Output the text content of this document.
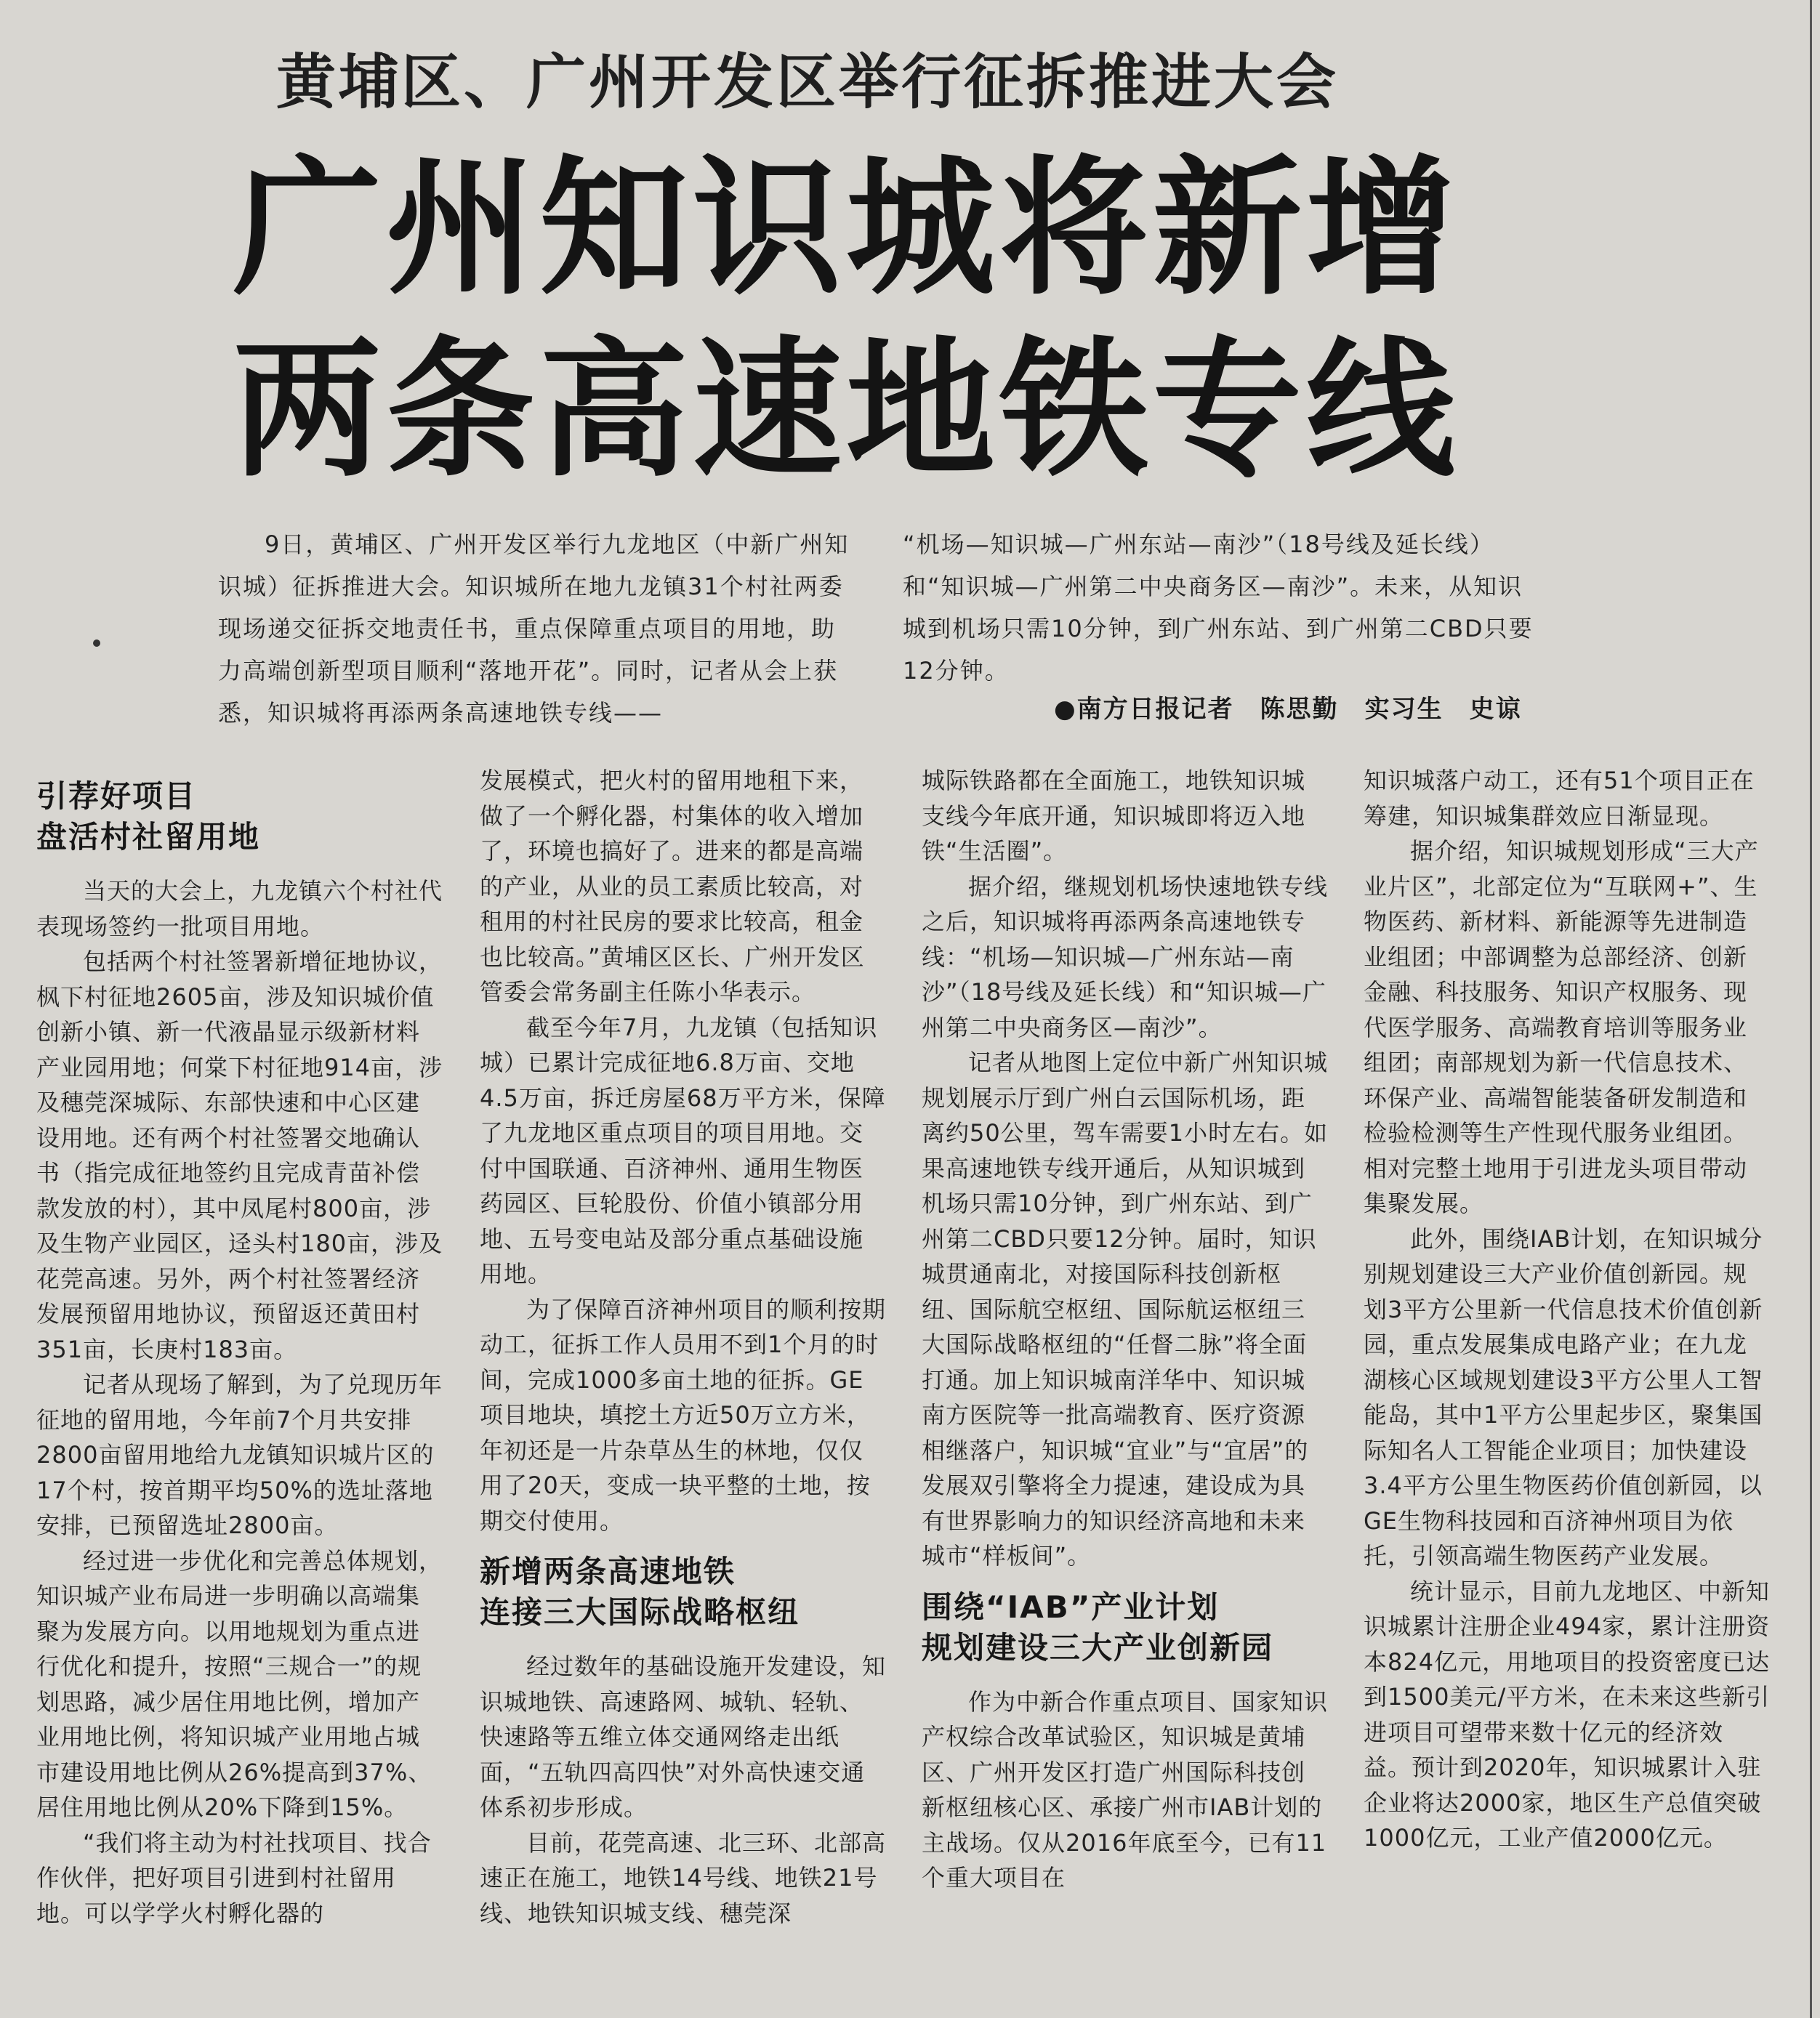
黄埔区、广州开发区举行征拆推进大会
广州知识城将新增
两条高速地铁专线

9日，黄埔区、广州开发区举行九龙地区（中新广州知识城）征拆推进大会。知识城所在地九龙镇31个村社两委现场递交征拆交地责任书，重点保障重点项目的用地，助力高端创新型项目顺利“落地开花”。同时，记者从会上获悉，知识城将再添两条高速地铁专线——

“机场—知识城—广州东站—南沙”（18号线及延长线）和“知识城—广州第二中央商务区—南沙”。未来，从知识城到机场只需10分钟，到广州东站、到广州第二CBD只要12分钟。

●南方日报记者　陈思勤　实习生　史谅
引荐好项目
盘活村社留用地

当天的大会上，九龙镇六个村社代表现场签约一批项目用地。

包括两个村社签署新增征地协议，枫下村征地2605亩，涉及知识城价值创新小镇、新一代液晶显示级新材料产业园用地；何棠下村征地914亩，涉及穗莞深城际、东部快速和中心区建设用地。还有两个村社签署交地确认书（指完成征地签约且完成青苗补偿款发放的村），其中凤尾村800亩，涉及生物产业园区，迳头村180亩，涉及花莞高速。另外，两个村社签署经济发展预留用地协议，预留返还黄田村351亩，长庚村183亩。

记者从现场了解到，为了兑现历年征地的留用地，今年前7个月共安排2800亩留用地给九龙镇知识城片区的17个村，按首期平均50%的选址落地安排，已预留选址2800亩。

经过进一步优化和完善总体规划，知识城产业布局进一步明确以高端集聚为发展方向。以用地规划为重点进行优化和提升，按照“三规合一”的规划思路，减少居住用地比例，增加产业用地比例，将知识城产业用地占城市建设用地比例从26%提高到37%、居住用地比例从20%下降到15%。

“我们将主动为村社找项目、找合作伙伴，把好项目引进到村社留用地。可以学学火村孵化器的

发展模式，把火村的留用地租下来，做了一个孵化器，村集体的收入增加了，环境也搞好了。进来的都是高端的产业，从业的员工素质比较高，对租用的村社民房的要求比较高，租金也比较高。”黄埔区区长、广州开发区管委会常务副主任陈小华表示。

截至今年7月，九龙镇（包括知识城）已累计完成征地6.8万亩、交地4.5万亩，拆迁房屋68万平方米，保障了九龙地区重点项目的项目用地。交付中国联通、百济神州、通用生物医药园区、巨轮股份、价值小镇部分用地、五号变电站及部分重点基础设施用地。

为了保障百济神州项目的顺利按期动工，征拆工作人员用不到1个月的时间，完成1000多亩土地的征拆。GE项目地块，填挖土方近50万立方米，年初还是一片杂草丛生的林地，仅仅用了20天，变成一块平整的土地，按期交付使用。

新增两条高速地铁
连接三大国际战略枢纽

经过数年的基础设施开发建设，知识城地铁、高速路网、城轨、轻轨、快速路等五维立体交通网络走出纸面，“五轨四高四快”对外高快速交通体系初步形成。

目前，花莞高速、北三环、北部高速正在施工，地铁14号线、地铁21号线、地铁知识城支线、穗莞深

城际铁路都在全面施工，地铁知识城支线今年底开通，知识城即将迈入地铁“生活圈”。

据介绍，继规划机场快速地铁专线之后，知识城将再添两条高速地铁专线：“机场—知识城—广州东站—南沙”（18号线及延长线）和“知识城—广州第二中央商务区—南沙”。

记者从地图上定位中新广州知识城规划展示厅到广州白云国际机场，距离约50公里，驾车需要1小时左右。如果高速地铁专线开通后，从知识城到机场只需10分钟，到广州东站、到广州第二CBD只要12分钟。届时，知识城贯通南北，对接国际科技创新枢纽、国际航空枢纽、国际航运枢纽三大国际战略枢纽的“任督二脉”将全面打通。加上知识城南洋华中、知识城南方医院等一批高端教育、医疗资源相继落户，知识城“宜业”与“宜居”的发展双引擎将全力提速，建设成为具有世界影响力的知识经济高地和未来城市“样板间”。

围绕“IAB”产业计划
规划建设三大产业创新园

作为中新合作重点项目、国家知识产权综合改革试验区，知识城是黄埔区、广州开发区打造广州国际科技创新枢纽核心区、承接广州市IAB计划的主战场。仅从2016年底至今，已有11个重大项目在

知识城落户动工，还有51个项目正在筹建，知识城集群效应日渐显现。

据介绍，知识城规划形成“三大产业片区”，北部定位为“互联网+”、生物医药、新材料、新能源等先进制造业组团；中部调整为总部经济、创新金融、科技服务、知识产权服务、现代医学服务、高端教育培训等服务业组团；南部规划为新一代信息技术、环保产业、高端智能装备研发制造和检验检测等生产性现代服务业组团。相对完整土地用于引进龙头项目带动集聚发展。

此外，围绕IAB计划，在知识城分别规划建设三大产业价值创新园。规划3平方公里新一代信息技术价值创新园，重点发展集成电路产业；在九龙湖核心区域规划建设3平方公里人工智能岛，其中1平方公里起步区，聚集国际知名人工智能企业项目；加快建设3.4平方公里生物医药价值创新园，以GE生物科技园和百济神州项目为依托，引领高端生物医药产业发展。

统计显示，目前九龙地区、中新知识城累计注册企业494家，累计注册资本824亿元，用地项目的投资密度已达到1500美元/平方米，在未来这些新引进项目可望带来数十亿元的经济效益。预计到2020年，知识城累计入驻企业将达2000家，地区生产总值突破1000亿元，工业产值2000亿元。
